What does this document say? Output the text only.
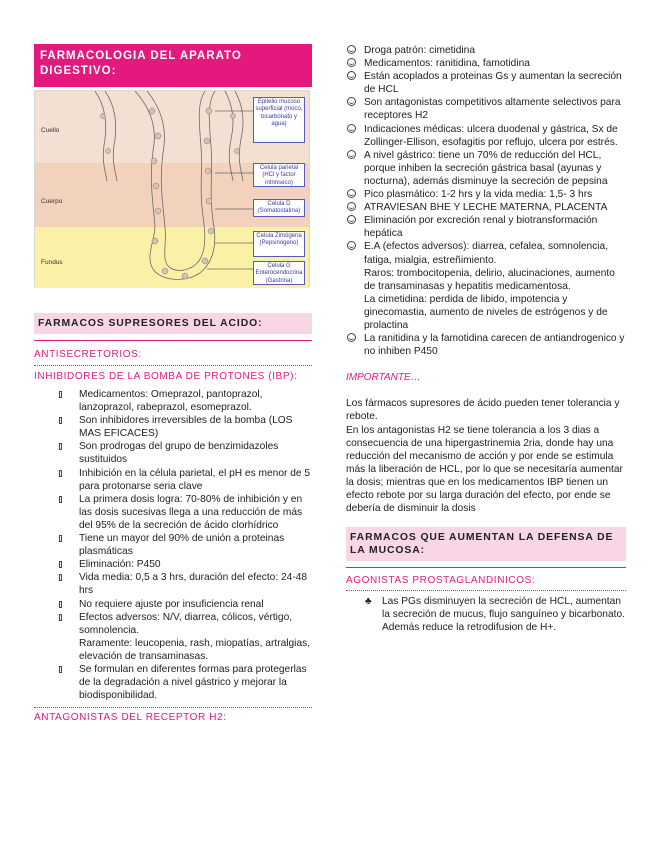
FARMACOLOGIA DEL APARATO DIGESTIVO:
Cuello
Cuerpo
Fundus
Epitelio mucoso superficial (moco, bicarbonato y agua)
Celula parietal (HCl y factor intrinseco)
Celula D (Somatostatina)
Celula Zimógena (Pepsinógeno)
Celula G Enterocendocrina (Gastrina)
FARMACOS SUPRESORES DEL ACIDO:
ANTISECRETORIOS:
INHIBIDORES DE LA BOMBA DE PROTONES (IBP):
Medicamentos: Omeprazol, pantoprazol, lanzoprazol, rabeprazol, esomeprazol.
Son inhibidores irreversibles de la bomba (LOS MAS EFICACES)
Son prodrogas del grupo de benzimidazoles sustituidos
Inhibición en la célula parietal, el pH es menor de 5 para protonarse seria clave
La primera dosis logra: 70-80% de inhibición y en las dosis sucesivas llega a una reducción de más del 95% de la secreción de ácido clorhídrico
Tiene un mayor del 90% de unión a proteinas plasmáticas
Eliminación: P450
Vida media: 0,5 a 3 hrs, duración del efecto: 24-48 hrs
No requiere ajuste por insuficiencia renal
Efectos adversos: N/V, diarrea, cólicos, vértigo, somnolencia.
Raramente: leucopenia, rash, miopatías, artralgias, elevación de transaminasas.
Se formulan en diferentes formas para protegerlas de la degradación a nivel gástrico y mejorar la biodisponibilidad.
ANTAGONISTAS DEL RECEPTOR H2:
Droga patrón: cimetidina
Medicamentos: ranitidina, famotidina
Están acoplados a proteinas Gs y aumentan la secreción de HCL
Son antagonistas competitivos altamente selectivos para receptores H2
Indicaciones médicas: ulcera duodenal y gástrica, Sx de Zollinger-Ellison, esofagitis por reflujo, ulcera por estrés.
A nivel gástrico: tiene un 70% de reducción del HCL, porque inhiben la secreción gástrica basal (ayunas y nocturna), además disminuye la secreción de pepsina
Pico plasmático: 1-2 hrs y la vida media: 1,5- 3 hrs
ATRAVIESAN BHE Y LECHE MATERNA, PLACENTA
Eliminación por excreción renal y biotransformación hepática
E.A (efectos adversos): diarrea, cefalea, somnolencia, fatiga, mialgia, estreñimiento.
Raros: trombocitopenia, delirio, alucinaciones, aumento de transaminasas y hepatitis medicamentosa.
La cimetidina: perdida de libido, impotencia y ginecomastia, aumento de niveles de estrógenos y de prolactina
La ranitidina y la famotidina carecen de antiandrogenico y no inhiben P450
IMPORTANTE…

Los fármacos supresores de ácido pueden tener tolerancia y rebote.

En los antagonistas H2 se tiene tolerancia a los 3 dias a consecuencia de una hipergastrinemia 2ria, donde hay una reducción del mecanismo de acción y por ende se estimula más la liberación de HCL, por lo que se necesitaría aumentar la dosis; mientras que en los medicamentos IBP tienen un efecto rebote por su larga duración del efecto, por ende se debería de disminuir la dosis

FARMACOS QUE AUMENTAN LA DEFENSA DE LA MUCOSA:
AGONISTAS PROSTAGLANDINICOS:
♣ Las PGs disminuyen la secreción de HCL, aumentan la secreción de mucus, flujo sanguíneo y bicarbonato. Además reduce la retrodifusion de H+.
